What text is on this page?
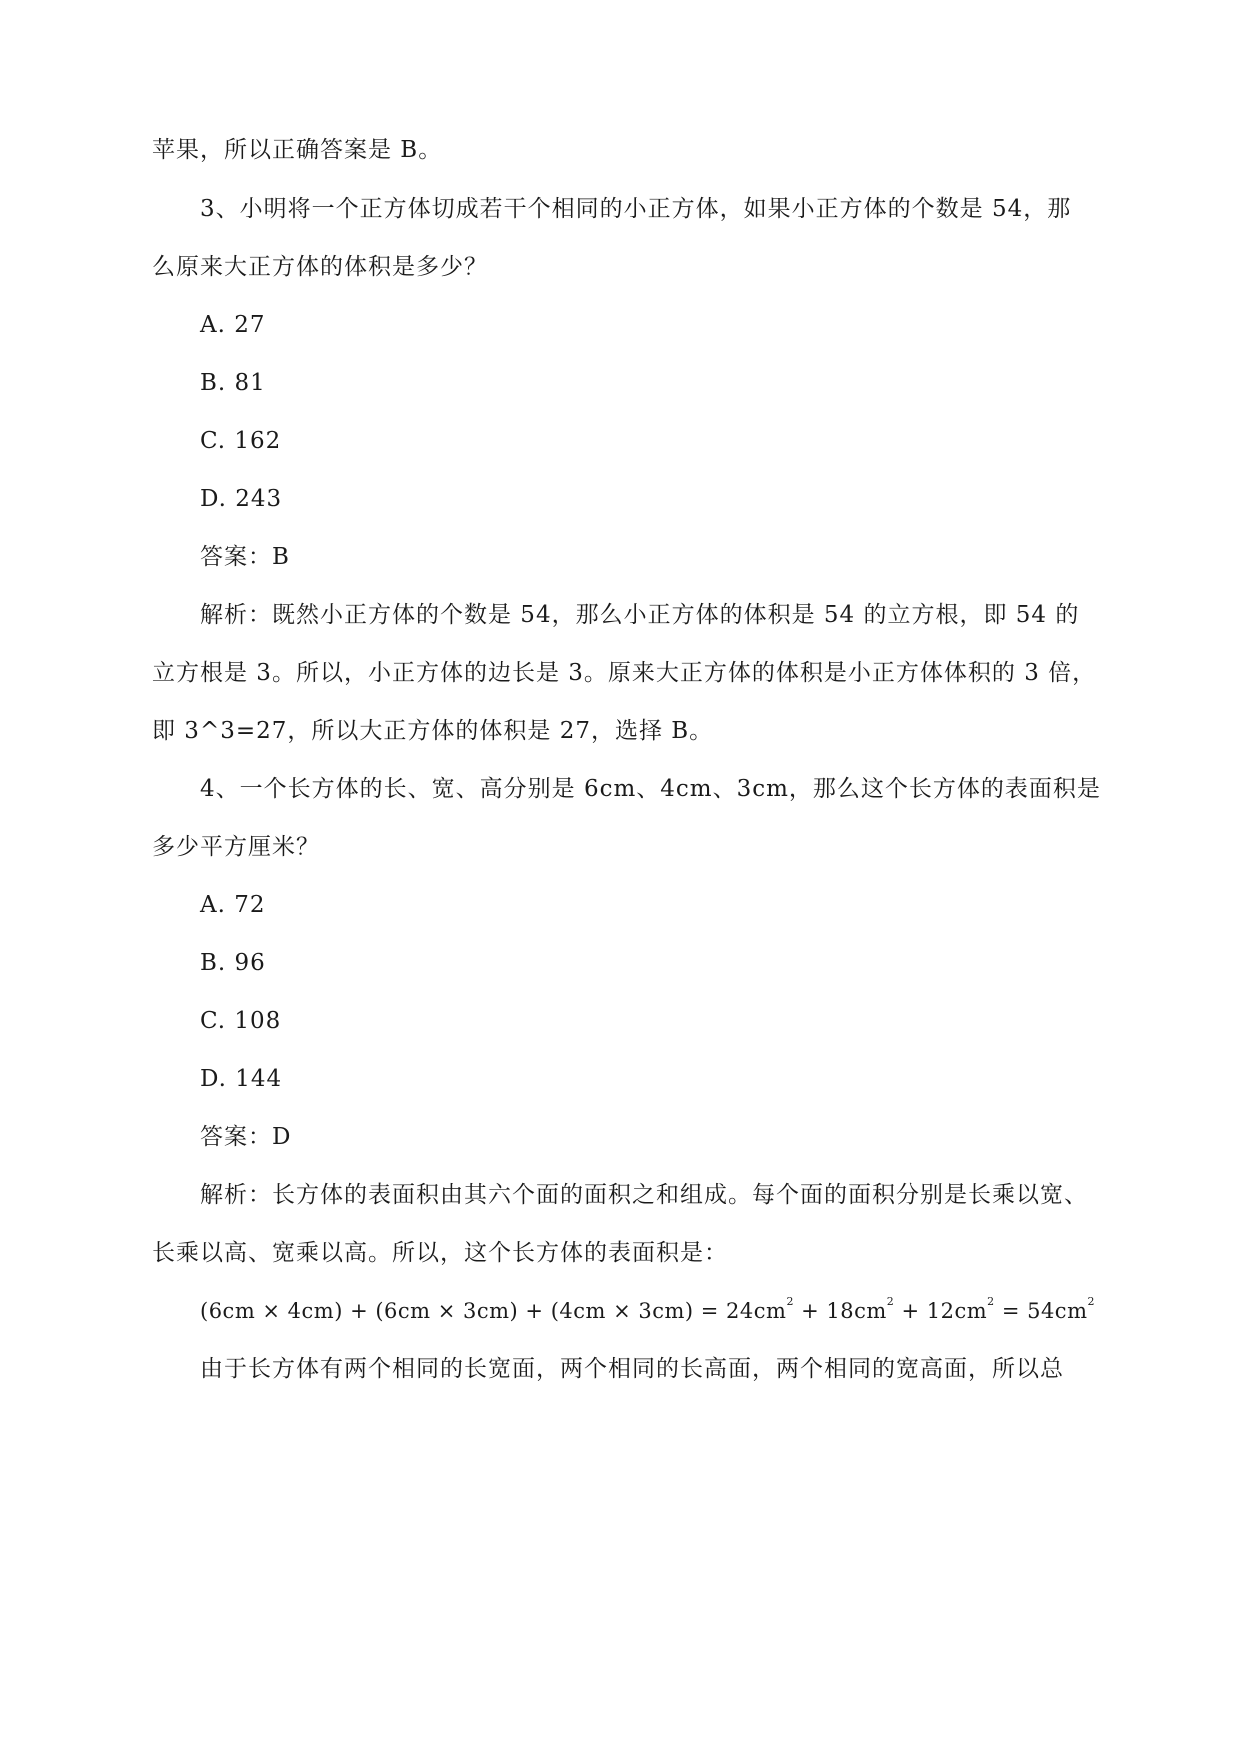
苹果，所以正确答案是 B。
3、小明将一个正方体切成若干个相同的小正方体，如果小正方体的个数是 54，那
么原来大正方体的体积是多少？
A. 27
B. 81
C. 162
D. 243
答案：B
解析：既然小正方体的个数是 54，那么小正方体的体积是 54 的立方根，即 54 的
立方根是 3。所以，小正方体的边长是 3。原来大正方体的体积是小正方体体积的 3 倍，
即 3^3=27，所以大正方体的体积是 27，选择 B。
4、一个长方体的长、宽、高分别是 6cm、4cm、3cm，那么这个长方体的表面积是
多少平方厘米？
A. 72
B. 96
C. 108
D. 144
答案：D
解析：长方体的表面积由其六个面的面积之和组成。每个面的面积分别是长乘以宽、
长乘以高、宽乘以高。所以，这个长方体的表面积是：
$(6cm \times 4cm) + (6cm \times 3cm) + (4cm \times 3cm) = 24cm^2 + 18cm^2 + 12cm^2 = 54cm^2$
由于长方体有两个相同的长宽面，两个相同的长高面，两个相同的宽高面，所以总
